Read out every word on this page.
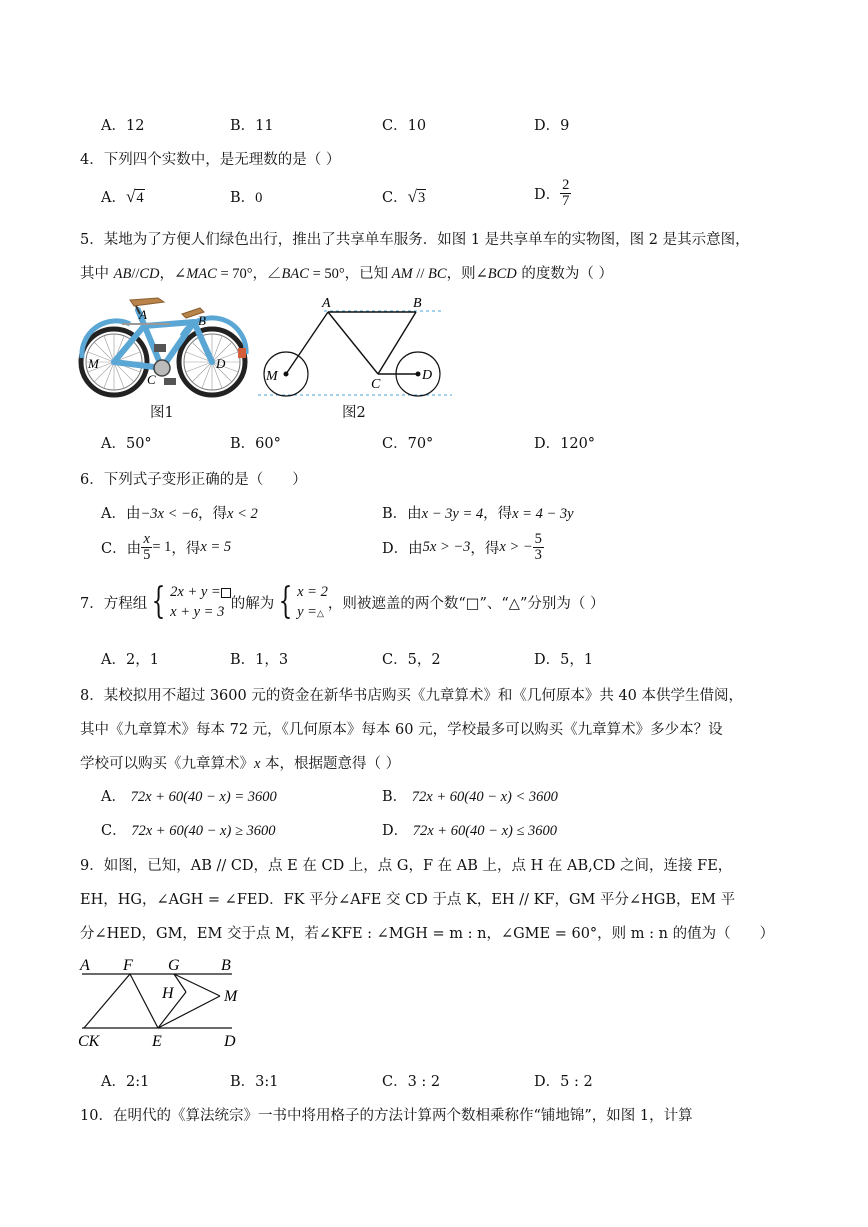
A．12	B．11	C．10	D．9
4．下列四个实数中，是无理数的是（ ）
A．√4	B．0	C．√3	D． $\frac{2}{7}$
5．某地为了方便人们绿色出行，推出了共享单车服务．如图 1 是共享单车的实物图，图 2 是其示意图，
其中 AB//CD，∠MAC = 70°，∠BAC = 50°，已知 AM // BC，则∠BCD 的度数为（ ）
A	B
M
C
D
图1
A	B
M
C
D
图2
A．50°	B．60°	C．70°	D．120°
6．下列式子变形正确的是（　　）
A．由−3x < −6，得x < 2	B．由x − 3y = 4，得x = 4 − 3y
C．由 $\frac{x}{5} = 1$，得x = 5	D．由5x > −3，得x > − $\frac{5}{3}$
7．方程组 { 2x + y =
x + y = 3的解为 { x = 2
y =△，则被遮盖的两个数“□”、“△”分别为（ ）
A．2，1	B．1，3	C．5，2	D．5，1
8．某校拟用不超过 3600 元的资金在新华书店购买《九章算术》和《几何原本》共 40 本供学生借阅，
其中《九章算术》每本 72 元，《几何原本》每本 60 元，学校最多可以购买《九章算术》多少本？设
学校可以购买《九章算术》x 本，根据题意得（ ）
A． 72x + 60(40 − x) = 3600	B． 72x + 60(40 − x) < 3600
C． 72x + 60(40 − x) ≥ 3600	D． 72x + 60(40 − x) ≤ 3600
9．如图，已知，AB // CD，点 E 在 CD 上，点 G，F 在 AB 上，点 H 在 AB,CD 之间，连接 FE，
EH，HG，∠AGH = ∠FED．FK 平分∠AFE 交 CD 于点 K，EH // KF，GM 平分∠HGB，EM 平
分∠HED，GM，EM 交于点 M，若∠KFE : ∠MGH = m : n，∠GME = 60°，则 m : n 的值为（　　）
A F G	B
H	M
CK	E	D
A．2:1	B．3:1	C．3 : 2	D．5 : 2
10．在明代的《算法统宗》一书中将用格子的方法计算两个数相乘称作“铺地锦”，如图 1，计算
